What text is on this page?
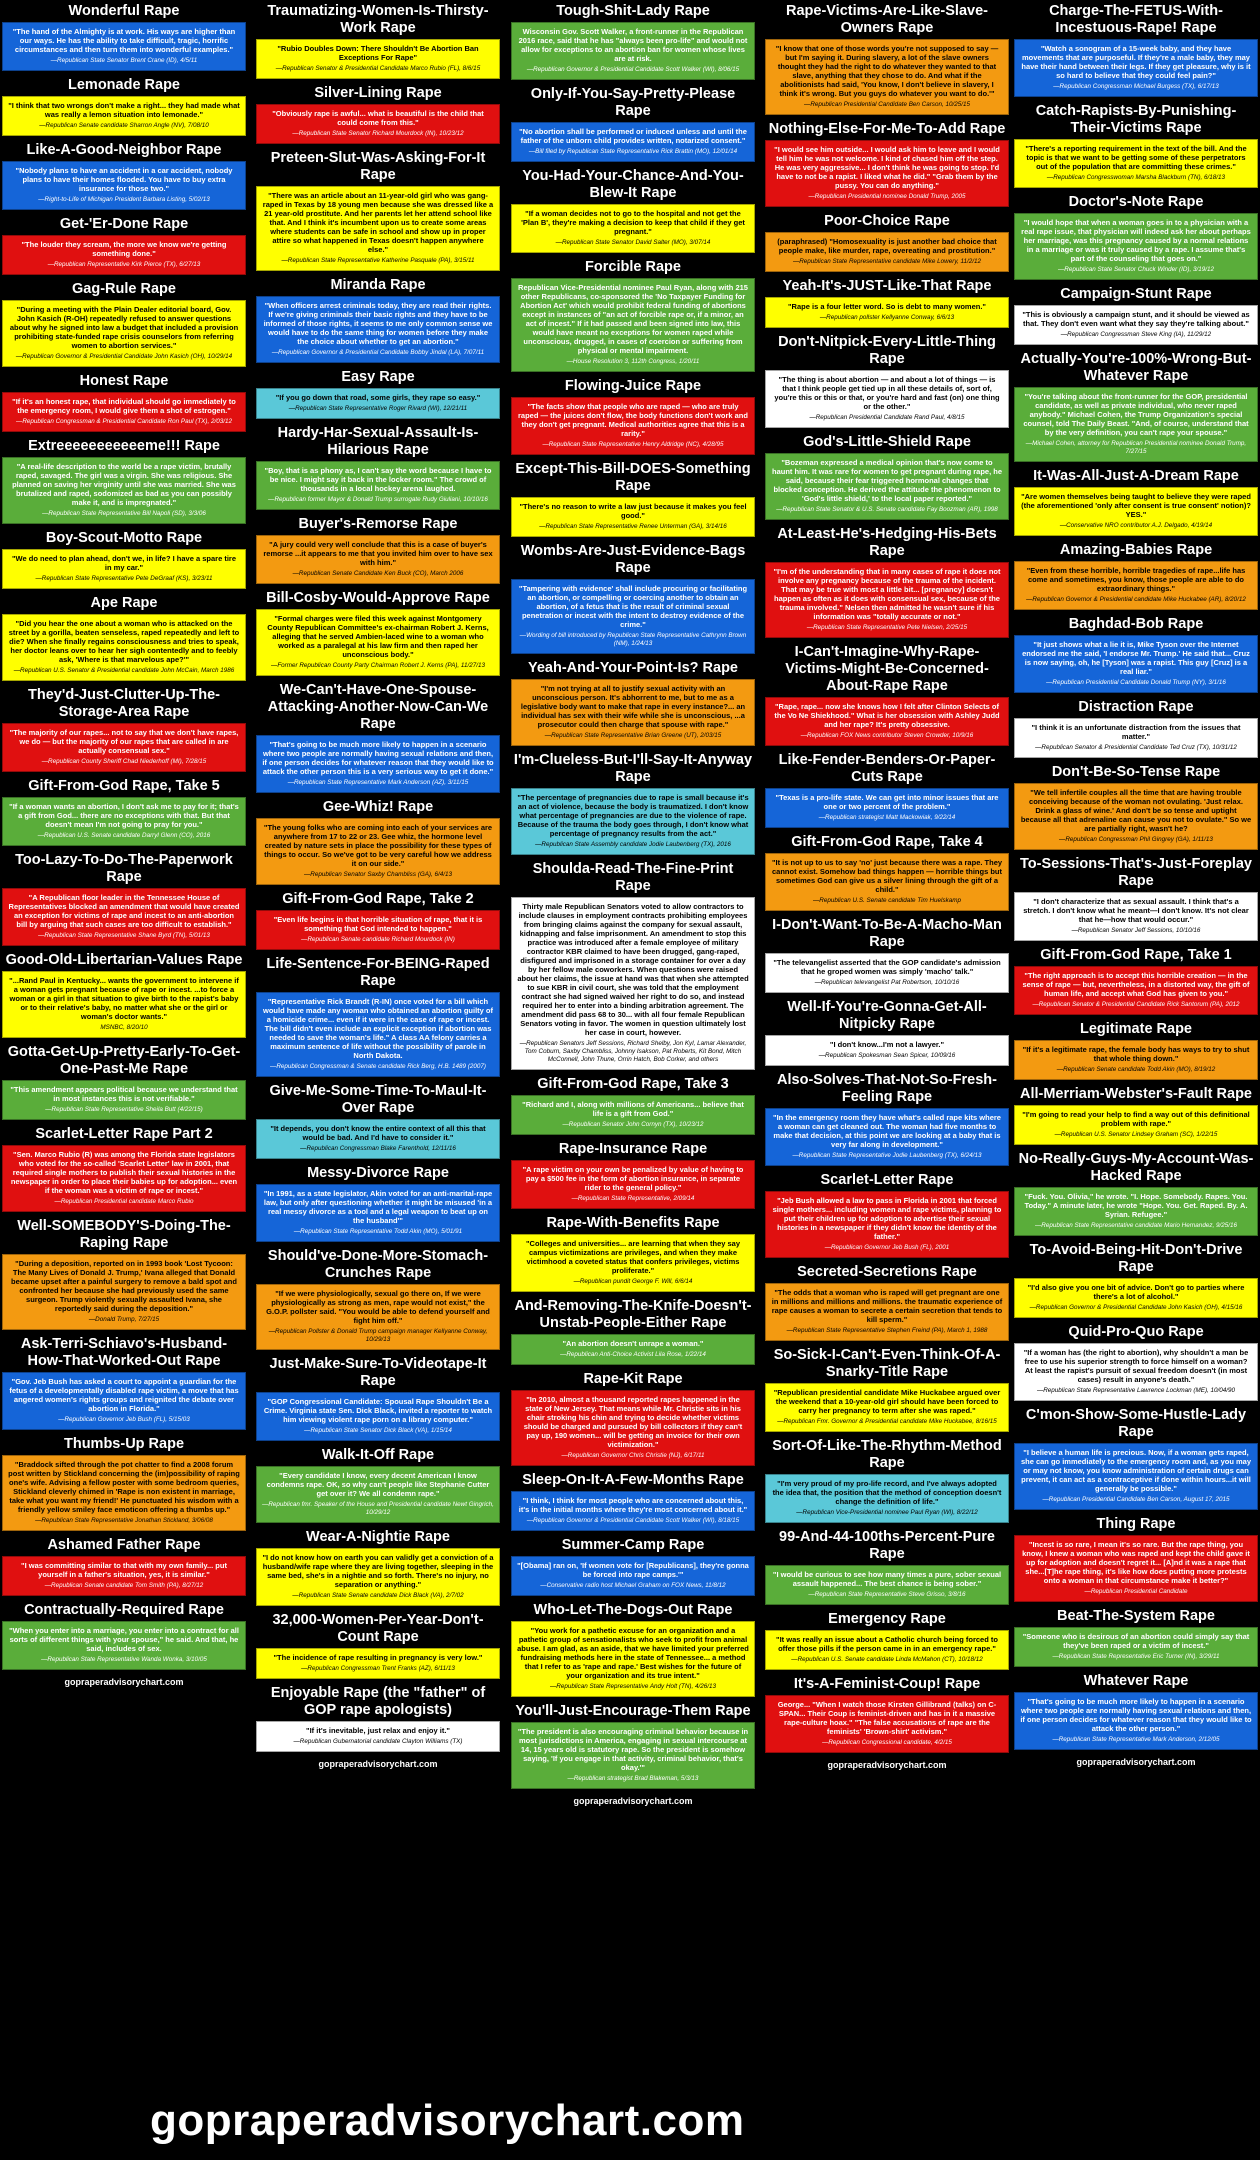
Wonderful Rape
"The hand of the Almighty is at work. His ways are higher than our ways. He has the ability to take difficult, tragic, horrific circumstances and then turn them into wonderful examples."
—Republican State Senator Brent Crane (ID), 4/5/11
Lemonade Rape
"I think that two wrongs don't make a right... they had made what was really a lemon situation into lemonade."
—Republican Senate candidate Sharron Angle (NV), 7/08/10
Like-A-Good-Neighbor Rape
"Nobody plans to have an accident in a car accident, nobody plans to have their homes flooded. You have to buy extra insurance for those two."
—Right-to-Life of Michigan President Barbara Listing, 5/02/13
Get-'Er-Done Rape
"The louder they scream, the more we know we're getting something done."
—Republican Representative Kirk Pierce (TX), 6/27/13
Gag-Rule Rape
"During a meeting with the Plain Dealer editorial board, Gov. John Kasich (R-OH) repeatedly refused to answer questions about why he signed into law a budget that included a provision prohibiting state-funded rape crisis counselors from referring women to abortion services."
—Republican Governor & Presidential Candidate John Kasich (OH), 10/29/14
Honest Rape
"If it's an honest rape, that individual should go immediately to the emergency room, I would give them a shot of estrogen."
—Republican Congressman & Presidential Candidate Ron Paul (TX), 2/03/12
Extreeeeeeeeeeeme!!! Rape
"A real-life description to the world be a rape victim, brutally raped, savaged. The girl was a virgin. She was religious. She planned on saving her virginity until she was married. She was brutalized and raped, sodomized as bad as you can possibly make it, and is impregnated."
—Republican State Representative Bill Napoli (SD), 3/3/06
Boy-Scout-Motto Rape
"We do need to plan ahead, don't we, in life? I have a spare tire in my car."
—Republican State Representative Pete DeGraaf (KS), 3/23/11
Ape Rape
"Did you hear the one about a woman who is attacked on the street by a gorilla, beaten senseless, raped repeatedly and left to die? When she finally regains consciousness and tries to speak, her doctor leans over to hear her sigh contentedly and to feebly ask, 'Where is that marvelous ape?'"
—Republican U.S. Senator & Presidential candidate John McCain, March 1986
They'd-Just-Clutter-Up-The-Storage-Area Rape
"The majority of our rapes... not to say that we don't have rapes, we do — but the majority of our rapes that are called in are actually consensual sex."
—Republican County Sheriff Chad Niederhoff (MI), 7/28/15
Gift-From-God Rape, Take 5
"If a woman wants an abortion, I don't ask me to pay for it; that's a gift from God... there are no exceptions with that. But that doesn't mean I'm not going to pray for you."
—Republican U.S. Senate candidate Darryl Glenn (CO), 2016
Too-Lazy-To-Do-The-Paperwork Rape
"A Republican floor leader in the Tennessee House of Representatives blocked an amendment that would have created an exception for victims of rape and incest to an anti-abortion bill by arguing that such cases are too difficult to establish."
—Republican State Representative Shane Byrd (TN), 5/01/13
Good-Old-Libertarian-Values Rape
"...Rand Paul in Kentucky... wants the government to intervene if a woman gets pregnant because of rape or incest. ...to force a woman or a girl in that situation to give birth to the rapist's baby or to their relative's baby, no matter what she or the girl or woman's doctor wants."
MSNBC, 8/20/10
Gotta-Get-Up-Pretty-Early-To-Get-One-Past-Me Rape
"This amendment appears political because we understand that in most instances this is not verifiable."
—Republican State Representative Sheila Butt (4/22/15)
Scarlet-Letter Rape Part 2
"Sen. Marco Rubio (R) was among the Florida state legislators who voted for the so-called 'Scarlet Letter' law in 2001, that required single mothers to publish their sexual histories in the newspaper in order to place their babies up for adoption... even if the woman was a victim of rape or incest."
—Republican Presidential candidate Marco Rubio
Well-SOMEBODY'S-Doing-The-Raping Rape
"During a deposition, reported on in 1993 book 'Lost Tycoon: The Many Lives of Donald J. Trump,' Ivana alleged that Donald became upset after a painful surgery to remove a bald spot and confronted her because she had previously used the same surgeon. Trump violently sexually assaulted Ivana, she reportedly said during the deposition."
—Donald Trump, 7/27/15
Ask-Terri-Schiavo's-Husband-How-That-Worked-Out Rape
"Gov. Jeb Bush has asked a court to appoint a guardian for the fetus of a developmentally disabled rape victim, a move that has angered women's rights groups and reignited the debate over abortion in Florida."
—Republican Governor Jeb Bush (FL), 5/15/03
Thumbs-Up Rape
"Braddock sifted through the pot chatter to find a 2008 forum post written by Stickland concerning the (im)possibility of raping one's wife. Advising a fellow poster with some bedroom queries, Stickland cleverly chimed in 'Rape is non existent in marriage, take what you want my friend!' He punctuated his wisdom with a friendly yellow smiley face emoticon offering a thumbs up."
—Republican State Representative Jonathan Stickland, 3/06/08
Ashamed Father Rape
"I was committing similar to that with my own family... put yourself in a father's situation, yes, it is similar."
—Republican Senate candidate Tom Smith (PA), 8/27/12
Contractually-Required Rape
"When you enter into a marriage, you enter into a contract for all sorts of different things with your spouse," he said. And that, he said, includes of sex.
—Republican State Representative Wanda Wonka, 3/10/05
gopraperadvisorychart.com
Traumatizing-Women-Is-Thirsty-Work Rape
"Rubio Doubles Down: There Shouldn't Be Abortion Ban Exceptions For Rape"
—Republican Senator & Presidential Candidate Marco Rubio (FL), 8/6/15
Silver-Lining Rape
"Obviously rape is awful... what is beautiful is the child that could come from this."
—Republican State Senator Richard Mourdock (IN), 10/23/12
Preteen-Slut-Was-Asking-For-It Rape
"There was an article about an 11-year-old girl who was gang-raped in Texas by 18 young men because she was dressed like a 21 year-old prostitute. And her parents let her attend school like that. And I think it's incumbent upon us to create some areas where students can be safe in school and show up in proper attire so what happened in Texas doesn't happen anywhere else."
—Republican State Representative Katherine Pasquale (PA), 3/15/11
Miranda Rape
"When officers arrest criminals today, they are read their rights. If we're giving criminals their basic rights and they have to be informed of those rights, it seems to me only common sense we would have to do the same thing for women before they make the choice about whether to get an abortion."
—Republican Governor & Presidential Candidate Bobby Jindal (LA), 7/07/11
Easy Rape
"If you go down that road, some girls, they rape so easy."
—Republican State Representative Roger Rivard (WI), 12/21/11
Hardy-Har-Sexual-Assault-Is-Hilarious Rape
"Boy, that is as phony as, I can't say the word because I have to be nice. I might say it back in the locker room." The crowd of thousands in a local hockey arena laughed.
—Republican former Mayor & Donald Trump surrogate Rudy Giuliani, 10/10/16
Buyer's-Remorse Rape
"A jury could very well conclude that this is a case of buyer's remorse ...it appears to me that you invited him over to have sex with him."
—Republican Senate Candidate Ken Buck (CO), March 2006
Bill-Cosby-Would-Approve Rape
"Formal charges were filed this week against Montgomery County Republican Committee's ex-chairman Robert J. Kerns, alleging that he served Ambien-laced wine to a woman who worked as a paralegal at his law firm and then raped her unconscious body."
—Former Republican County Party Chairman Robert J. Kerns (PA), 11/27/13
We-Can't-Have-One-Spouse-Attacking-Another-Now-Can-We Rape
"That's going to be much more likely to happen in a scenario where two people are normally having sexual relations and then, if one person decides for whatever reason that they would like to attack the other person this is a very serious way to get it done."
—Republican State Representative Mark Anderson (AZ), 3/11/15
Gee-Whiz! Rape
"The young folks who are coming into each of your services are anywhere from 17 to 22 or 23. Gee whiz, the hormone level created by nature sets in place the possibility for these types of things to occur. So we've got to be very careful how we address it on our side."
—Republican Senator Saxby Chambliss (GA), 6/4/13
Gift-From-God Rape, Take 2
"Even life begins in that horrible situation of rape, that it is something that God intended to happen."
—Republican Senate candidate Richard Mourdock (IN)
Life-Sentence-For-BEING-Raped Rape
"Representative Rick Brandt (R-IN) once voted for a bill which would have made any woman who obtained an abortion guilty of a homicide crime... even if it were in the case of rape or incest. The bill didn't even include an explicit exception if abortion was needed to save the woman's life." A class AA felony carries a maximum sentence of life without the possibility of parole in North Dakota.
—Republican Congressman & Senate candidate Rick Berg, H.B. 1489 (2007)
Give-Me-Some-Time-To-Maul-It-Over Rape
"It depends, you don't know the entire context of all this that would be bad. And I'd have to consider it."
—Republican Congressman Blake Farenthold, 12/11/16
Messy-Divorce Rape
"In 1991, as a state legislator, Akin voted for an anti-marital-rape law, but only after questioning whether it might be misused 'in a real messy divorce as a tool and a legal weapon to beat up on the husband'"
—Republican State Representative Todd Akin (MO), 5/01/91
Should've-Done-More-Stomach-Crunches Rape
"If we were physiologically, sexual go there on, If we were physiologically as strong as men, rape would not exist," the G.O.P. pollster said. "You would be able to defend yourself and fight him off."
—Republican Pollster & Donald Trump campaign manager Kellyanne Conway, 10/29/13
Just-Make-Sure-To-Videotape-It Rape
"GOP Congressional Candidate: Spousal Rape Shouldn't Be a Crime. Virginia state Sen. Dick Black, invited a reporter to watch him viewing violent rape porn on a library computer."
—Republican State Senator Dick Black (VA), 1/15/14
Walk-It-Off Rape
"Every candidate I know, every decent American I know condemns rape. OK, so why can't people like Stephanie Cutter get over it? We all condemn rape."
—Republican fmr. Speaker of the House and Presidential candidate Newt Gingrich, 10/29/12
Wear-A-Nightie Rape
"I do not know how on earth you can validly get a conviction of a husband/wife rape where they are living together, sleeping in the same bed, she's in a nightie and so forth. There's no injury, no separation or anything."
—Republican State Senate candidate Dick Black (VA), 2/7/02
32,000-Women-Per-Year-Don't-Count Rape
"The incidence of rape resulting in pregnancy is very low."
—Republican Congressman Trent Franks (AZ), 6/11/13
Enjoyable Rape (the "father" of GOP rape apologists)
"If it's inevitable, just relax and enjoy it."
—Republican Gubernatorial candidate Clayton Williams (TX)
gopraperadvisorychart.com
Tough-Shit-Lady Rape
Wisconsin Gov. Scott Walker, a front-runner in the Republican 2016 race, said that he has "always been pro-life" and would not allow for exceptions to an abortion ban for women whose lives are at risk.
—Republican Governor & Presidential Candidate Scott Walker (WI), 8/06/15
Only-If-You-Say-Pretty-Please Rape
"No abortion shall be performed or induced unless and until the father of the unborn child provides written, notarized consent."
—Bill filed by Republican State Representative Rick Brattin (MO), 12/01/14
You-Had-Your-Chance-And-You-Blew-It Rape
"If a woman decides not to go to the hospital and not get the 'Plan B', they're making a decision to keep that child if they get pregnant."
—Republican State Senator David Salter (MO), 3/07/14
Forcible Rape
Republican Vice-Presidential nominee Paul Ryan, along with 215 other Republicans, co-sponsored the 'No Taxpayer Funding for Abortion Act' which would prohibit federal funding of abortions except in instances of "an act of forcible rape or, if a minor, an act of incest." If it had passed and been signed into law, this would have meant no exceptions for women raped while unconscious, drugged, in cases of coercion or suffering from physical or mental impairment.
—House Resolution 3, 112th Congress, 1/20/11
Flowing-Juice Rape
"The facts show that people who are raped — who are truly raped — the juices don't flow, the body functions don't work and they don't get pregnant. Medical authorities agree that this is a rarity."
—Republican State Representative Henry Aldridge (NC), 4/28/95
Except-This-Bill-DOES-Something Rape
"There's no reason to write a law just because it makes you feel good."
—Republican State Representative Renee Unterman (GA), 3/14/16
Wombs-Are-Just-Evidence-Bags Rape
"Tampering with evidence' shall include procuring or facilitating an abortion, or compelling or coercing another to obtain an abortion, of a fetus that is the result of criminal sexual penetration or incest with the intent to destroy evidence of the crime."
—Wording of bill introduced by Republican State Representative Cathrynn Brown (NM), 1/24/13
Yeah-And-Your-Point-Is? Rape
"I'm not trying at all to justify sexual activity with an unconscious person. It's abhorrent to me, but to me as a legislative body want to make that rape in every instance?... an individual has sex with their wife while she is unconscious, ...a prosecutor could then charge that spouse with rape."
—Republican State Representative Brian Greene (UT), 2/03/15
I'm-Clueless-But-I'll-Say-It-Anyway Rape
"The percentage of pregnancies due to rape is small because it's an act of violence, because the body is traumatized. I don't know what percentage of pregnancies are due to the violence of rape. Because of the trauma the body goes through, I don't know what percentage of pregnancy results from the act."
—Republican State Assembly candidate Jodie Laubenberg (TX), 2016
Shoulda-Read-The-Fine-Print Rape
Thirty male Republican Senators voted to allow contractors to include clauses in employment contracts prohibiting employees from bringing claims against the company for sexual assault, kidnapping and false imprisonment. An amendment to stop this practice was introduced after a female employee of military contractor KBR claimed to have been drugged, gang-raped, disfigured and imprisoned in a storage container for over a day by her fellow male coworkers. When questions were raised about her claims, the issue at hand was that when she attempted to sue KBR in civil court, she was told that the employment contract she had signed waived her right to do so, and instead required her to enter into a binding arbitration agreement. The amendment did pass 68 to 30... with all four female Republican Senators voting in favor. The women in question ultimately lost her case in court, however.
—Republican Senators Jeff Sessions, Richard Shelby, Jon Kyl, Lamar Alexander, Tom Coburn, Saxby Chambliss, Johnny Isakson, Pat Roberts, Kit Bond, Mitch McConnell, John Thune, Orrin Hatch, Bob Corker, and others
Gift-From-God Rape, Take 3
"Richard and I, along with millions of Americans... believe that life is a gift from God."
—Republican Senator John Cornyn (TX), 10/23/12
Rape-Insurance Rape
"A rape victim on your own be penalized by value of having to pay a $500 fee in the form of abortion insurance, in separate rider to the general policy."
—Republican State Representative, 2/09/14
Rape-With-Benefits Rape
"Colleges and universities... are learning that when they say campus victimizations are privileges, and when they make victimhood a coveted status that confers privileges, victims proliferate."
—Republican pundit George F. Will, 6/6/14
And-Removing-The-Knife-Doesn't-Unstab-People-Either Rape
"An abortion doesn't unrape a woman."
—Republican Anti-Choice Activist Lila Rose, 1/22/14
Rape-Kit Rape
"In 2010, almost a thousand reported rapes happened in the state of New Jersey. That means while Mr. Christie sits in his chair stroking his chin and trying to decide whether victims should be charged and pursued by bill collectors if they can't pay up, 190 women... will be getting an invoice for their own victimization."
—Republican Governor Chris Christie (NJ), 6/17/11
Sleep-On-It-A-Few-Months Rape
"I think, I think for most people who are concerned about this, it's in the initial months where they're most concerned about it."
—Republican Governor & Presidential Candidate Scott Walker (WI), 8/18/15
Summer-Camp Rape
"[Obama] ran on, 'If women vote for [Republicans], they're gonna be forced into rape camps.'"
—Conservative radio host Michael Graham on FOX News, 11/8/12
Who-Let-The-Dogs-Out Rape
"You work for a pathetic excuse for an organization and a pathetic group of sensationalists who seek to profit from animal abuse. I am glad, as an aside, that we have limited your preferred fundraising methods here in the state of Tennessee... a method that I refer to as 'rape and rape.' Best wishes for the future of your organization and its true intent."
—Republican State Representative Andy Holt (TN), 4/26/13
You'll-Just-Encourage-Them Rape
"The president is also encouraging criminal behavior because in most jurisdictions in America, engaging in sexual intercourse at 14, 15 years old is statutory rape. So the president is somehow saying, 'If you engage in that activity, criminal behavior, that's okay.'"
—Republican strategist Brad Blakeman, 5/3/13
gopraperadvisorychart.com
Rape-Victims-Are-Like-Slave-Owners Rape
"I know that one of those words you're not supposed to say — but I'm saying it. During slavery, a lot of the slave owners thought they had the right to do whatever they wanted to that slave, anything that they chose to do. And what if the abolitionists had said, 'You know, I don't believe in slavery, I think it's wrong. But you guys do whatever you want to do.'"
—Republican Presidential Candidate Ben Carson, 10/25/15
Nothing-Else-For-Me-To-Add Rape
"I would see him outside... I would ask him to leave and I would tell him he was not welcome. I kind of chased him off the step. He was very aggressive... I don't think he was going to stop. I'd have to not be a rapist. I liked what he did." "Grab them by the pussy. You can do anything."
—Republican Presidential nominee Donald Trump, 2005
Poor-Choice Rape
(paraphrased) "Homosexuality is just another bad choice that people make, like murder, rape, overeating and prostitution."
—Republican State Representative candidate Mike Lowery, 11/2/12
Yeah-It's-JUST-Like-That Rape
"Rape is a four letter word. So is debt to many women."
—Republican pollster Kellyanne Conway, 6/6/13
Don't-Nitpick-Every-Little-Thing Rape
"The thing is about abortion — and about a lot of things — is that I think people get tied up in all these details of, sort of, you're this or this or that, or you're hard and fast (on) one thing or the other."
—Republican Presidential Candidate Rand Paul, 4/8/15
God's-Little-Shield Rape
"Bozeman expressed a medical opinion that's now come to haunt him. It was rare for women to get pregnant during rape, he said, because their fear triggered hormonal changes that blocked conception. He derived the attitude the phenomenon to 'God's little shield,' to the local paper reported."
—Republican State Senator & U.S. Senate candidate Fay Boozman (AR), 1998
At-Least-He's-Hedging-His-Bets Rape
"I'm of the understanding that in many cases of rape it does not involve any pregnancy because of the trauma of the incident. That may be true with most a little bit... [pregnancy] doesn't happen as often as it does with consensual sex, because of the trauma involved." Nelsen then admitted he wasn't sure if his information was "totally accurate or not."
—Republican State Representative Pete Nielsen, 2/25/15
I-Can't-Imagine-Why-Rape-Victims-Might-Be-Concerned-About-Rape Rape
"Rape, rape... now she knows how I felt after Clinton Selects of the Vo Ne Shiekhood." What is her obsession with Ashley Judd and her rape? It's pretty obsessive.
—Republican FOX News contributor Steven Crowder, 10/9/16
Like-Fender-Benders-Or-Paper-Cuts Rape
"Texas is a pro-life state. We can get into minor issues that are one or two percent of the problem."
—Republican strategist Matt Mackowiak, 9/22/14
Gift-From-God Rape, Take 4
"It is not up to us to say 'no' just because there was a rape. They cannot exist. Somehow bad things happen — horrible things but sometimes God can give us a silver lining through the gift of a child."
—Republican U.S. Senate candidate Tim Huelskamp
I-Don't-Want-To-Be-A-Macho-Man Rape
"The televangelist asserted that the GOP candidate's admission that he groped women was simply 'macho' talk."
—Republican televangelist Pat Robertson, 10/10/16
Well-If-You're-Gonna-Get-All-Nitpicky Rape
"I don't know...I'm not a lawyer."
—Republican Spokesman Sean Spicer, 10/09/16
Also-Solves-That-Not-So-Fresh-Feeling Rape
"In the emergency room they have what's called rape kits where a woman can get cleaned out. The woman had five months to make that decision, at this point we are looking at a baby that is very far along in development."
—Republican State Representative Jodie Laubenberg (TX), 6/24/13
Scarlet-Letter Rape
"Jeb Bush allowed a law to pass in Florida in 2001 that forced single mothers... including women and rape victims, planning to put their children up for adoption to advertise their sexual histories in a newspaper if they didn't know the identity of the father."
—Republican Governor Jeb Bush (FL), 2001
Secreted-Secretions Rape
"The odds that a woman who is raped will get pregnant are one in millions and millions and millions. the traumatic experience of rape causes a woman to secrete a certain secretion that tends to kill sperm."
—Republican State Representative Stephen Freind (PA), March 1, 1988
So-Sick-I-Can't-Even-Think-Of-A-Snarky-Title Rape
"Republican presidential candidate Mike Huckabee argued over the weekend that a 10-year-old girl should have been forced to carry her pregnancy to term after she was raped."
—Republican Fmr. Governor & Presidential candidate Mike Huckabee, 8/16/15
Sort-Of-Like-The-Rhythm-Method Rape
"I'm very proud of my pro-life record, and I've always adopted the idea that, the position that the method of conception doesn't change the definition of life."
—Republican Vice-Presidential nominee Paul Ryan (WI), 8/22/12
99-And-44-100ths-Percent-Pure Rape
"I would be curious to see how many times a pure, sober sexual assault happened... The best chance is being sober."
—Republican State Representative Steve Grisso, 3/8/16
Emergency Rape
"It was really an issue about a Catholic church being forced to offer those pills if the person came in in an emergency rape."
—Republican U.S. Senate candidate Linda McMahon (CT), 10/18/12
It's-A-Feminist-Coup! Rape
George... "When I watch those Kirsten Gillibrand (talks) on C-SPAN... Their Coup is feminist-driven and has in it a massive rape-culture hoax." "The false accusations of rape are the feminists' 'Brown-shirt' activism."
—Republican Congressional candidate, 4/2/15
gopraperadvisorychart.com
Charge-The-FETUS-With-Incestuous-Rape! Rape
"Watch a sonogram of a 15-week baby, and they have movements that are purposeful. If they're a male baby, they may have their hand between their legs. If they get pleasure, why is it so hard to believe that they could feel pain?"
—Republican Congressman Michael Burgess (TX), 6/17/13
Catch-Rapists-By-Punishing-Their-Victims Rape
"There's a reporting requirement in the text of the bill. And the topic is that we want to be getting some of these perpetrators out of the population that are committing these crimes."
—Republican Congresswoman Marsha Blackburn (TN), 6/18/13
Doctor's-Note Rape
"I would hope that when a woman goes in to a physician with a real rape issue, that physician will indeed ask her about perhaps her marriage, was this pregnancy caused by a normal relations in a marriage or was it truly caused by a rape. I assume that's part of the counseling that goes on."
—Republican State Senator Chuck Winder (ID), 3/19/12
Campaign-Stunt Rape
"This is obviously a campaign stunt, and it should be viewed as that. They don't even want what they say they're talking about."
—Republican Congressman Steve King (IA), 11/29/12
Actually-You're-100%-Wrong-But-Whatever Rape
"You're talking about the front-runner for the GOP, presidential candidate, as well as private individual, who never raped anybody." Michael Cohen, the Trump Organization's special counsel, told The Daily Beast. "And, of course, understand that by the very definition, you can't rape your spouse."
—Michael Cohen, attorney for Republican Presidential nominee Donald Trump, 7/27/15
It-Was-All-Just-A-Dream Rape
"Are women themselves being taught to believe they were raped (the aforementioned 'only after consent is true consent' notion)? YES."
—Conservative NRO contributor A.J. Delgado, 4/19/14
Amazing-Babies Rape
"Even from these horrible, horrible tragedies of rape...life has come and sometimes, you know, those people are able to do extraordinary things."
—Republican Governor & Presidential candidate Mike Huckabee (AR), 8/20/12
Baghdad-Bob Rape
"It just shows what a lie it is, Mike Tyson over the Internet endorsed me the said, 'I endorse Mr. Trump.' He said that... Cruz is now saying, oh, he [Tyson] was a rapist. This guy [Cruz] is a real liar."
—Republican Presidential Candidate Donald Trump (NY), 3/1/16
Distraction Rape
"I think it is an unfortunate distraction from the issues that matter."
—Republican Senator & Presidential Candidate Ted Cruz (TX), 10/31/12
Don't-Be-So-Tense Rape
"We tell infertile couples all the time that are having trouble conceiving because of the woman not ovulating. 'Just relax. Drink a glass of wine.' And don't be so tense and uptight because all that adrenaline can cause you not to ovulate." So we are partially right, wasn't he?
—Republican Congressman Phil Gingrey (GA), 1/11/13
To-Sessions-That's-Just-Foreplay Rape
"I don't characterize that as sexual assault. I think that's a stretch. I don't know what he meant—I don't know. It's not clear that he—how that would occur."
—Republican Senator Jeff Sessions, 10/10/16
Gift-From-God Rape, Take 1
"The right approach is to accept this horrible creation — in the sense of rape — but, nevertheless, in a distorted way, the gift of human life, and accept what God has given to you."
—Republican Senator & Presidential Candidate Rick Santorum (PA), 2012
Legitimate Rape
"If it's a legitimate rape, the female body has ways to try to shut that whole thing down."
—Republican Senate candidate Todd Akin (MO), 8/19/12
All-Merriam-Webster's-Fault Rape
"I'm going to read your help to find a way out of this definitional problem with rape."
—Republican U.S. Senator Lindsey Graham (SC), 1/22/15
No-Really-Guys-My-Account-Was-Hacked Rape
"Fuck. You. Olivia," he wrote. "I. Hope. Somebody. Rapes. You. Today." A minute later, he wrote "Hope. You. Get. Raped. By. A. Syrian. Refugee."
—Republican State Representative candidate Mario Hernandez, 9/25/16
To-Avoid-Being-Hit-Don't-Drive Rape
"I'd also give you one bit of advice. Don't go to parties where there's a lot of alcohol."
—Republican Governor & Presidential Candidate John Kasich (OH), 4/15/16
Quid-Pro-Quo Rape
"If a woman has (the right to abortion), why shouldn't a man be free to use his superior strength to force himself on a woman? At least the rapist's pursuit of sexual freedom doesn't (in most cases) result in anyone's death."
—Republican State Representative Lawrence Lockman (ME), 10/04/90
C'mon-Show-Some-Hustle-Lady Rape
"I believe a human life is precious. Now, if a woman gets raped, she can go immediately to the emergency room and, as you may or may not know, you know administration of certain drugs can prevent, it can act as a contraceptive if done within hours...it will generally be possible."
—Republican Presidential Candidate Ben Carson, August 17, 2015
Thing Rape
"Incest is so rare, I mean it's so rare. But the rape thing, you know, I knew a woman who was raped and kept the child gave it up for adoption and doesn't regret it... [A]nd it was a rape that she...[T]he rape thing, it's like how does putting more protests onto a woman in that circumstance make it better?"
—Republican Presidential Candidate
Beat-The-System Rape
"Someone who is desirous of an abortion could simply say that they've been raped or a victim of incest."
—Republican State Representative Eric Turner (IN), 3/29/11
Whatever Rape
"That's going to be much more likely to happen in a scenario where two people are normally having sexual relations and then, if one person decides for whatever reason that they would like to attack the other person."
—Republican State Representative Mark Anderson, 2/12/05
gopraperadvisorychart.com
gopraperadvisorychart.com
